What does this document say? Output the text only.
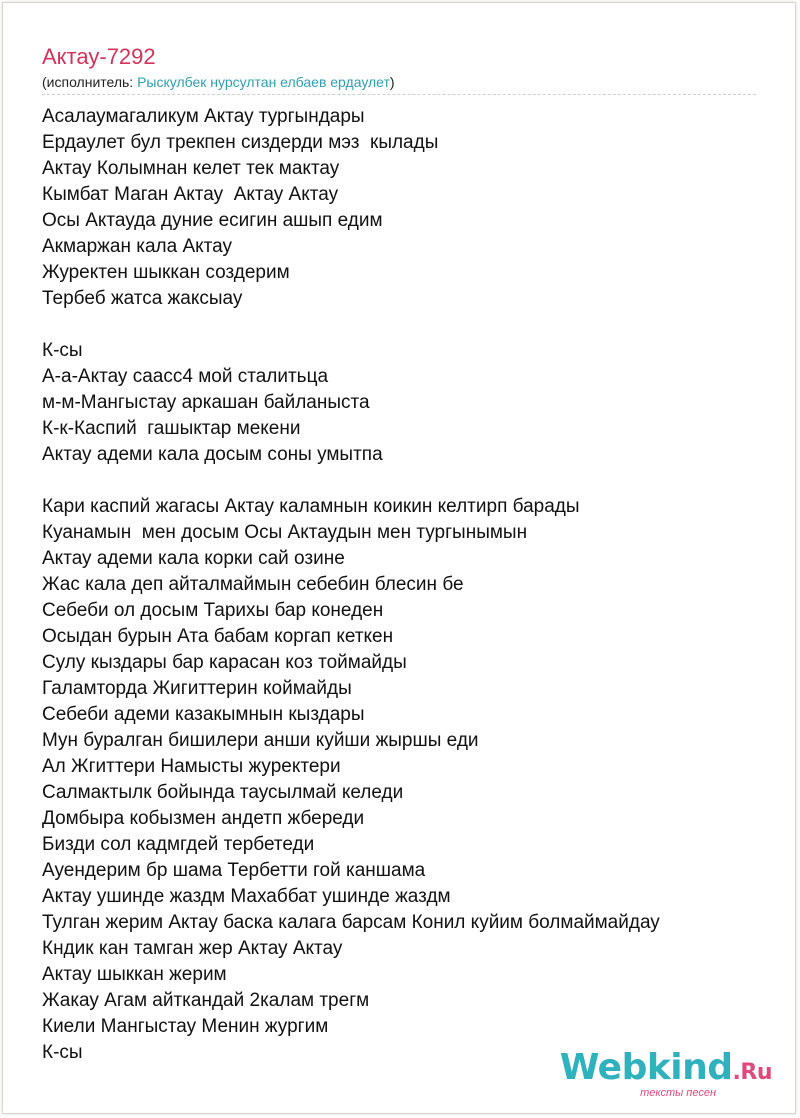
Актау-7292
(исполнитель: Рыскулбек нурсултан елбаев ердаулет)
Асалаумагаликум Актау тургындары
Ердаулет бул трекпен сиздерди мэз  кылады
Актау Колымнан келет тек мактау
Кымбат Маган Актау  Актау Актау
Осы Актауда дуние есигин ашып едим
Акмаржан кала Актау
Журектен шыккан создерим
Тербеб жатса жаксыау
К-сы
А-а-Актау саасс4 мой сталитьца
м-м-Мангыстау аркашан байланыста
К-к-Каспий  гашыктар мекени
Актау адеми кала досым соны умытпа
Кари каспий жагасы Актау каламнын коикин келтирп барады
Куанамын  мен досым Осы Актаудын мен тургынымын
Актау адеми кала корки сай озине
Жас кала деп айталмаймын себебин блесин бе
Себеби ол досым Тарихы бар конеден
Осыдан бурын Ата бабам коргап кеткен
Сулу кыздары бар карасан коз тоймайды
Галамторда Жигиттерин коймайды
Себеби адеми казакымнын кыздары
Мун буралган бишилери анши куйши жыршы еди
Ал Жгиттери Намысты журектери
Салмактылк бойында таусылмай келеди
Домбыра кобызмен андетп жбереди
Бизди сол кадмгдей тербетеди
Ауендерим бр шама Тербетти гой каншама
Актау ушинде жаздм Махаббат ушинде жаздм
Тулган жерим Актау баска калага барсам Конил куйим болмаймайдау
Кндик кан тамган жер Актау Актау
Актау шыккан жерим
Жакау Агам айткандай 2калам трегм
Киели Мангыстау Менин жургим
К-сы	Webkind.Ru
тексты песен
